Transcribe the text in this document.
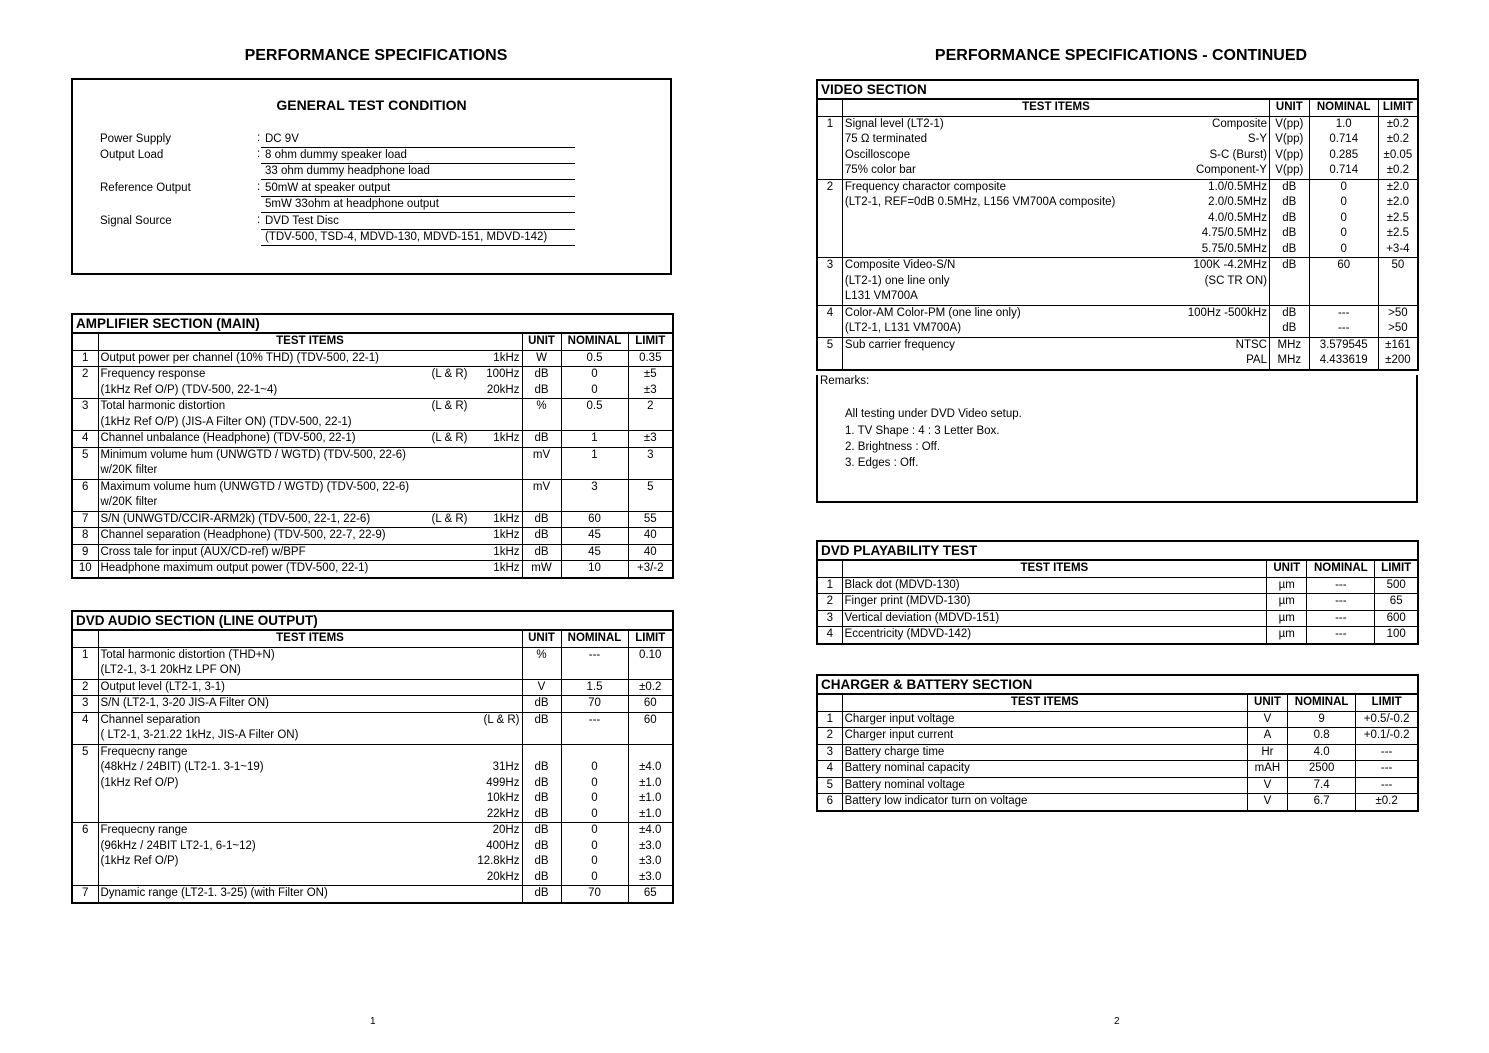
PERFORMANCE SPECIFICATIONS	PERFORMANCE SPECIFICATIONS - CONTINUED
GENERAL TEST CONDITION
Power Supply	: DC 9V
Output Load	: 8 ohm dummy speaker load
33 ohm dummy headphone load
Reference Output	: 50mW at speaker output
5mW 33ohm at headphone output
Signal Source	: DVD Test Disc
(TDV-500, TSD-4, MDVD-130, MDVD-151, MDVD-142)
AMPLIFIER SECTION (MAIN)				
	TEST ITEMS	UNIT	NOMINAL	LIMIT
1	Output power per channel (10% THD) (TDV-500, 22-1) 1kHz	W	0.5	0.35
2	Frequency response (L & R) 100Hz	dB	0	±5
	(1kHz Ref O/P) (TDV-500, 22-1~4) 20kHz	dB	0	±3
3	Total harmonic distortion (L & R)	%	0.5	2
	(1kHz Ref O/P) (JIS-A Filter ON) (TDV-500, 22-1)

4	Channel unbalance (Headphone) (TDV-500, 22-1) (L & R) 1kHz	dB	1	±3
5	Minimum volume hum (UNWGTD / WGTD) (TDV-500, 22-6)	mV	1	3
	w/20K filter

6	Maximum volume hum (UNWGTD / WGTD) (TDV-500, 22-6)	mV	3	5
	w/20K filter

7	S/N (UNWGTD/CCIR-ARM2k) (TDV-500, 22-1, 22-6) (L & R) 1kHz	dB	60	55
8	Channel separation (Headphone) (TDV-500, 22-7, 22-9) 1kHz	dB	45	40
9	Cross tale for input (AUX/CD-ref) w/BPF 1kHz	dB	45	40
10	Headphone maximum output power (TDV-500, 22-1) 1kHz	mW	10	+3/-2
DVD AUDIO SECTION (LINE OUTPUT)				
	TEST ITEMS	UNIT	NOMINAL	LIMIT
1	Total harmonic distortion (THD+N)	%	---	0.10
	(LT2-1, 3-1 20kHz LPF ON)

2	Output level (LT2-1, 3-1)	V	1.5	±0.2
3	S/N (LT2-1, 3-20 JIS-A Filter ON)	dB	70	60
4	Channel separation (L & R)	dB	---	60
	( LT2-1, 3-21.22 1kHz, JIS-A Filter ON)

5	Frequecny range

	(48kHz / 24BIT) (LT2-1. 3-1~19) 31Hz	dB	0	±4.0
	(1kHz Ref O/P) 499Hz	dB	0	±1.0

	10kHz	dB	0	±1.0

	22kHz	dB	0	±1.0
6	Frequecny range 20Hz	dB	0	±4.0
	(96kHz / 24BIT LT2-1, 6-1~12) 400Hz	dB	0	±3.0
	(1kHz Ref O/P) 12.8kHz	dB	0	±3.0

	20kHz	dB	0	±3.0
7	Dynamic range (LT2-1. 3-25) (with Filter ON)	dB	70	65
VIDEO SECTION				
	TEST ITEMS	UNIT	NOMINAL	LIMIT
1	Signal level (LT2-1) Composite	V(pp)	1.0	±0.2
	75 Ω terminated S-Y	V(pp)	0.714	±0.2
	Oscilloscope S-C (Burst)	V(pp)	0.285	±0.05
	75% color bar Component-Y	V(pp)	0.714	±0.2
2	Frequency charactor composite 1.0/0.5MHz	dB	0	±2.0
	(LT2-1, REF=0dB 0.5MHz, L156 VM700A composite) 2.0/0.5MHz	dB	0	±2.0

	4.0/0.5MHz	dB	0	±2.5

	4.75/0.5MHz	dB	0	±2.5

	5.75/0.5MHz	dB	0	+3-4
3	Composite Video-S/N 100K -4.2MHz	dB	60	50
	(LT2-1) one line only (SC TR ON)			

	L131 VM700A

4	Color-AM Color-PM (one line only) 100Hz -500kHz	dB	---	>50
	(LT2-1, L131 VM700A)	dB	---	>50
5	Sub carrier frequency NTSC	MHz	3.579545	±161

	PAL	MHz	4.433619	±200
Remarks:
All testing under DVD Video setup.
1. TV Shape : 4 : 3 Letter Box.
2. Brightness : Off.
3. Edges : Off.
DVD PLAYABILITY TEST				
	TEST ITEMS	UNIT	NOMINAL	LIMIT
1	Black dot (MDVD-130)	µm	---	500
2	Finger print (MDVD-130)	µm	---	65
3	Vertical deviation (MDVD-151)	µm	---	600
4	Eccentricity (MDVD-142)	µm	---	100
CHARGER & BATTERY SECTION				
	TEST ITEMS	UNIT	NOMINAL	LIMIT
1	Charger input voltage	V	9	+0.5/-0.2
2	Charger input current	A	0.8	+0.1/-0.2
3	Battery charge time	Hr	4.0	---
4	Battery nominal capacity	mAH	2500	---
5	Battery nominal voltage	V	7.4	---
6	Battery low indicator turn on voltage	V	6.7	±0.2
1	2
